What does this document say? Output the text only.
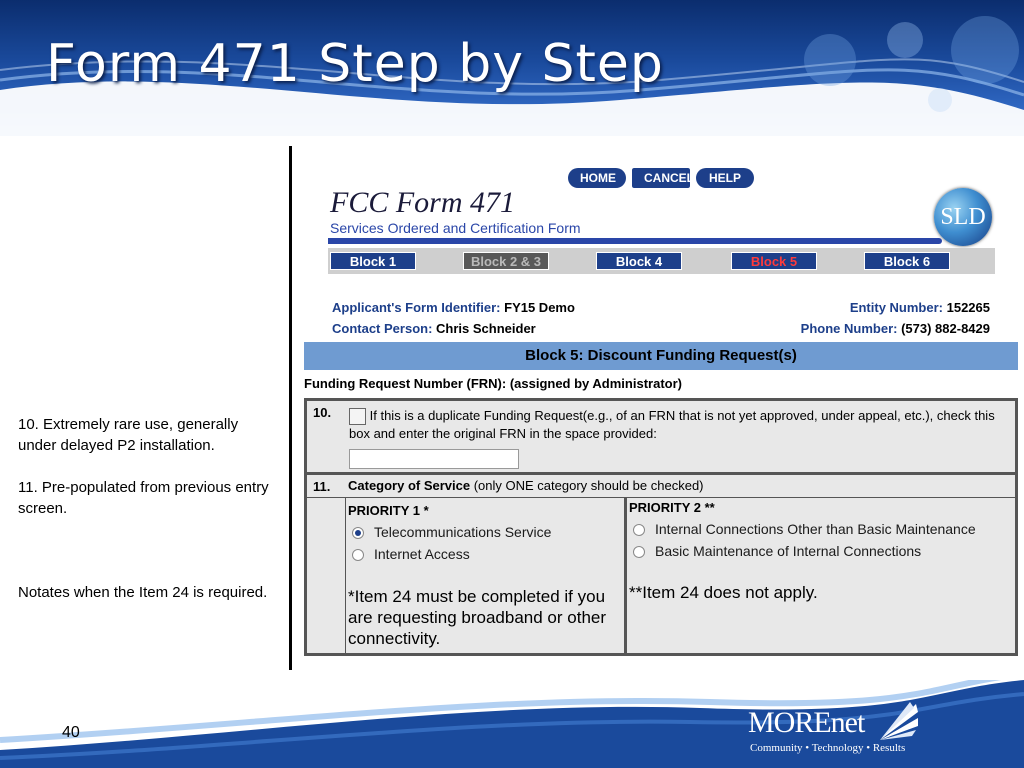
Form 471 Step by Step

10. Extremely rare use, generally under delayed P2 installation.

11. Pre-populated from previous entry screen.

Notates when the Item 24 is required.

HOME	CANCEL	HELP
FCC Form 471
Services Ordered and Certification Form	SLD
Block 1	Block 2 & 3	Block 4	Block 5	Block 6
Applicant's Form Identifier: FY15 Demo	Entity Number: 152265
Contact Person: Chris Schneider	Phone Number: (573) 882-8429
Block 5: Discount Funding Request(s)
Funding Request Number (FRN): (assigned by Administrator)
10.	If this is a duplicate Funding Request(e.g., of an FRN that is not yet approved, under appeal, etc.), check this box and enter the original FRN in the space provided:
11.	Category of Service (only ONE category should be checked)
PRIORITY 1 *
Telecommunications Service
Internet Access
*Item 24 must be completed if you are requesting broadband or other connectivity.
PRIORITY 2 **
Internal Connections Other than Basic Maintenance
Basic Maintenance of Internal Connections
**Item 24 does not apply.
40	MOREnet
Community • Technology • Results
